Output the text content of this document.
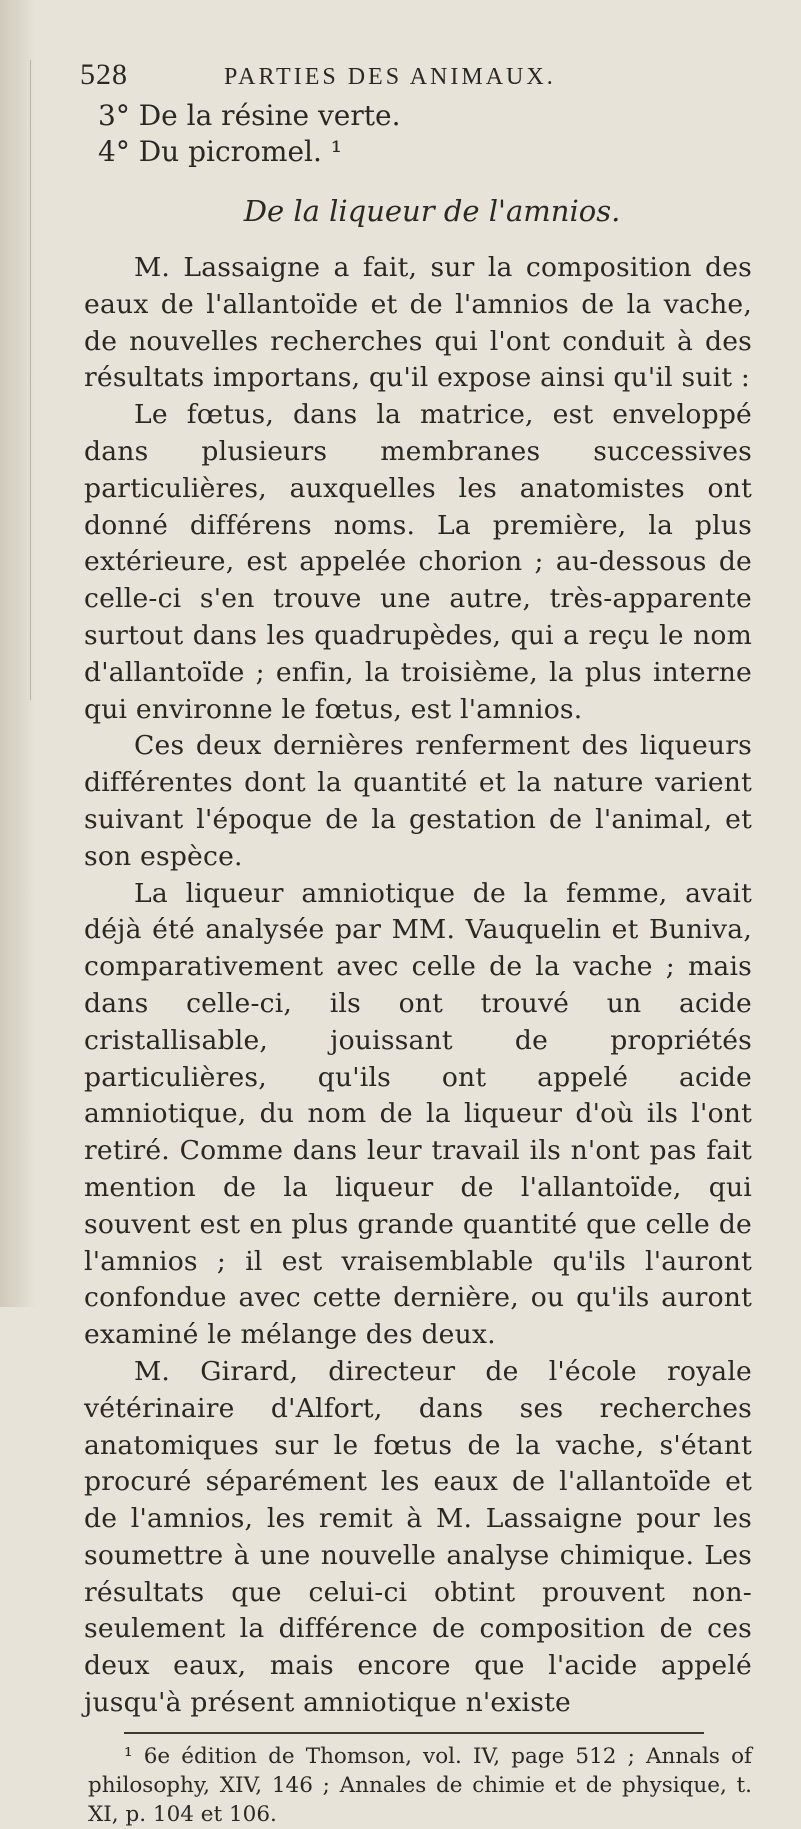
528	PARTIES DES ANIMAUX.
3° De la résine verte.
4° Du picromel. ¹
De la liqueur de l'amnios.

M. Lassaigne a fait, sur la composition des eaux de l'allantoïde et de l'amnios de la vache, de nouvelles recherches qui l'ont conduit à des résultats importans, qu'il expose ainsi qu'il suit :

Le fœtus, dans la matrice, est enveloppé dans plusieurs membranes successives particulières, auxquelles les anatomistes ont donné différens noms. La première, la plus extérieure, est appelée chorion ; au-dessous de celle-ci s'en trouve une autre, très-apparente surtout dans les quadrupèdes, qui a reçu le nom d'allantoïde ; enfin, la troisième, la plus interne qui environne le fœtus, est l'amnios.

Ces deux dernières renferment des liqueurs différentes dont la quantité et la nature varient suivant l'époque de la gestation de l'animal, et son espèce.

La liqueur amniotique de la femme, avait déjà été analysée par MM. Vauquelin et Buniva, comparativement avec celle de la vache ; mais dans celle-ci, ils ont trouvé un acide cristallisable, jouissant de propriétés particulières, qu'ils ont appelé acide amniotique, du nom de la liqueur d'où ils l'ont retiré. Comme dans leur travail ils n'ont pas fait mention de la liqueur de l'allantoïde, qui souvent est en plus grande quantité que celle de l'amnios ; il est vraisemblable qu'ils l'auront confondue avec cette dernière, ou qu'ils auront examiné le mélange des deux.

M. Girard, directeur de l'école royale vétérinaire d'Alfort, dans ses recherches anatomiques sur le fœtus de la vache, s'étant procuré séparément les eaux de l'allantoïde et de l'amnios, les remit à M. Lassaigne pour les soumettre à une nouvelle analyse chimique. Les résultats que celui-ci obtint prouvent non-seulement la différence de composition de ces deux eaux, mais encore que l'acide appelé jusqu'à présent amniotique n'existe

¹ 6e édition de Thomson, vol. IV, page 512 ; Annals of philosophy, XIV, 146 ; Annales de chimie et de physique, t. XI, p. 104 et 106.
